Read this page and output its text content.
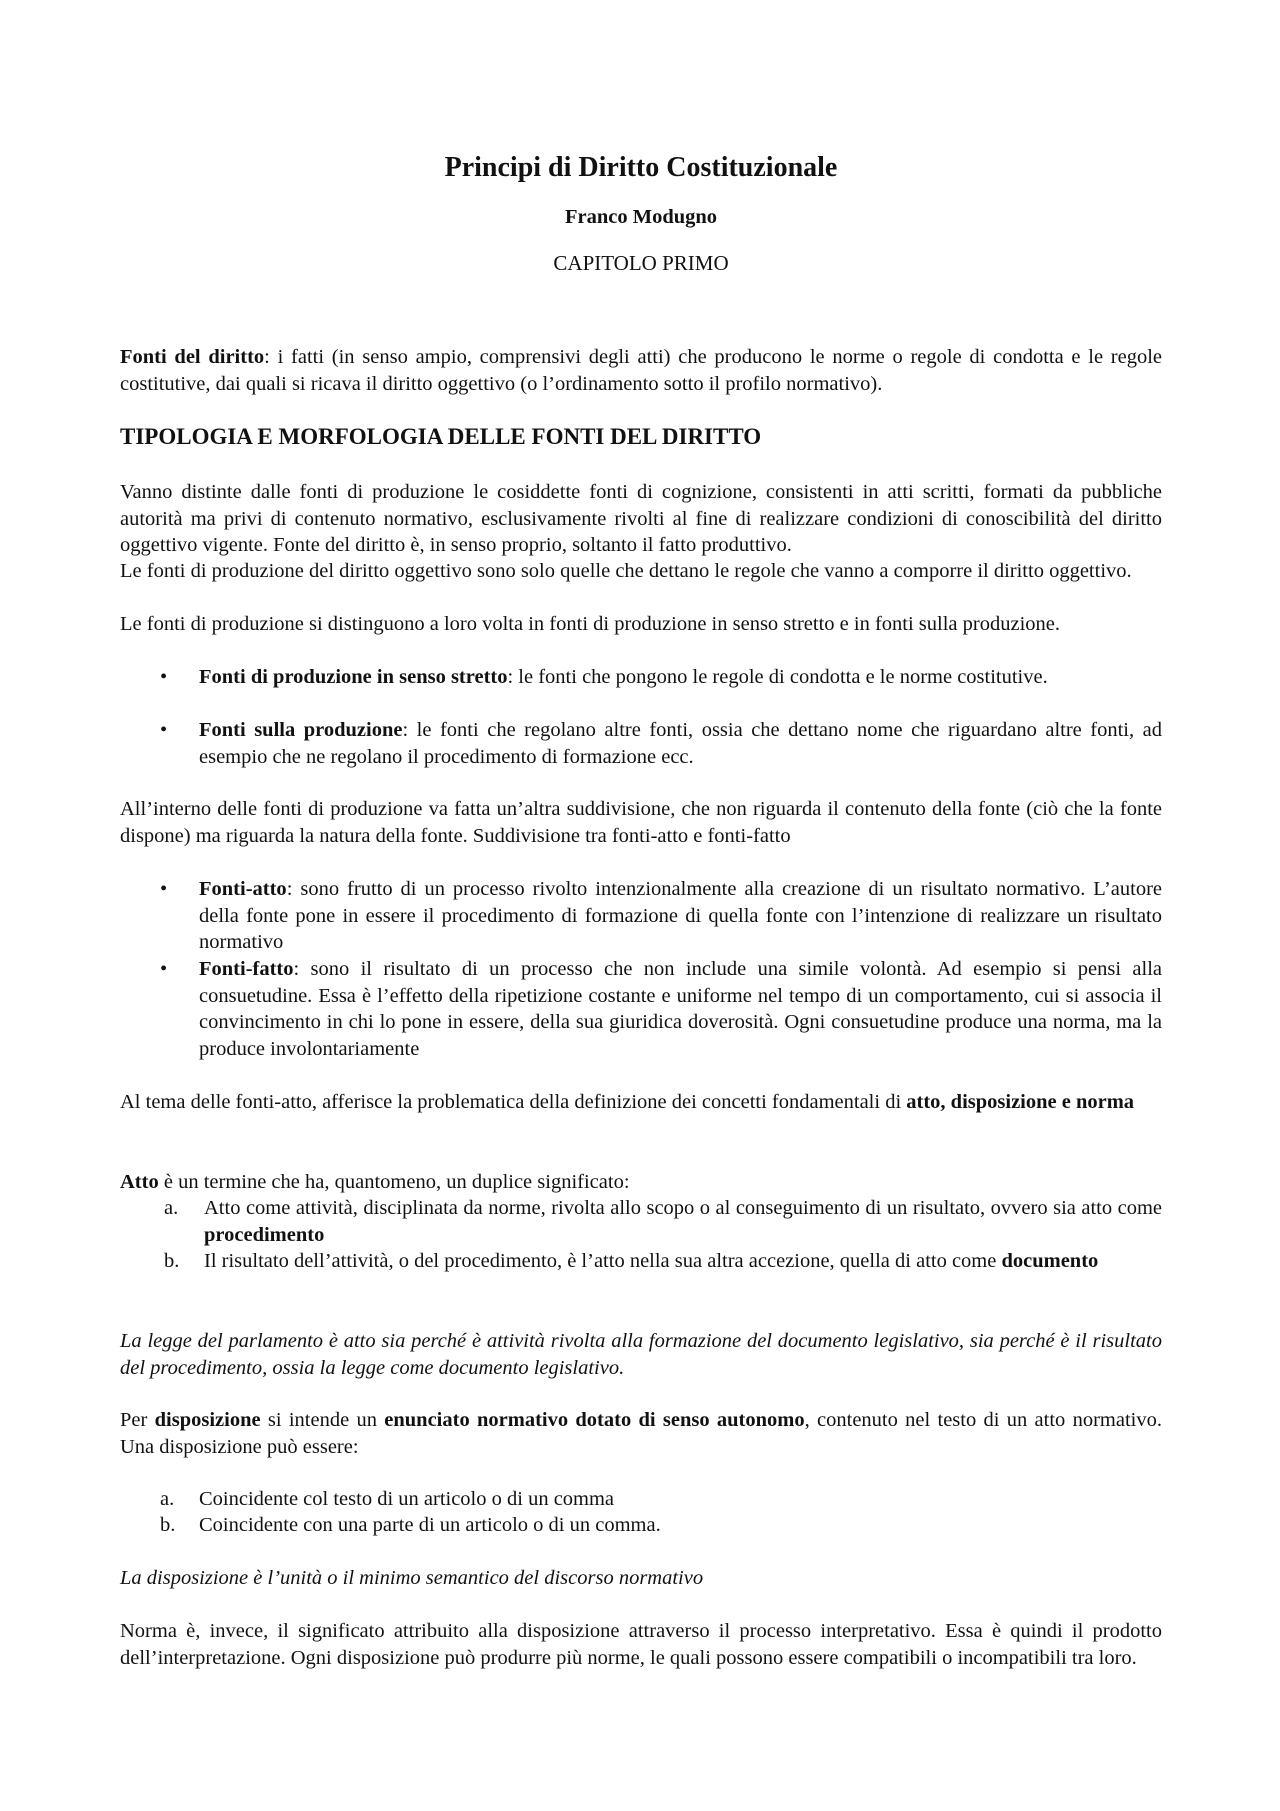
Principi di Diritto Costituzionale
Franco Modugno
CAPITOLO PRIMO
Fonti del diritto: i fatti (in senso ampio, comprensivi degli atti) che producono le norme o regole di condotta e le regole costitutive, dai quali si ricava il diritto oggettivo (o l’ordinamento sotto il profilo normativo).
TIPOLOGIA E MORFOLOGIA DELLE FONTI DEL DIRITTO
Vanno distinte dalle fonti di produzione le cosiddette fonti di cognizione, consistenti in atti scritti, formati da pubbliche autorità ma privi di contenuto normativo, esclusivamente rivolti al fine di realizzare condizioni di conoscibilità del diritto oggettivo vigente. Fonte del diritto è, in senso proprio, soltanto il fatto produttivo.
Le fonti di produzione del diritto oggettivo sono solo quelle che dettano le regole che vanno a comporre il diritto oggettivo.
Le fonti di produzione si distinguono a loro volta in fonti di produzione in senso stretto e in fonti sulla produzione.
• Fonti di produzione in senso stretto: le fonti che pongono le regole di condotta e le norme costitutive.
• Fonti sulla produzione: le fonti che regolano altre fonti, ossia che dettano nome che riguardano altre fonti, ad esempio che ne regolano il procedimento di formazione ecc.
All’interno delle fonti di produzione va fatta un’altra suddivisione, che non riguarda il contenuto della fonte (ciò che la fonte dispone) ma riguarda la natura della fonte. Suddivisione tra fonti-atto e fonti-fatto
• Fonti-atto: sono frutto di un processo rivolto intenzionalmente alla creazione di un risultato normativo. L’autore della fonte pone in essere il procedimento di formazione di quella fonte con l’intenzione di realizzare un risultato normativo
• Fonti-fatto: sono il risultato di un processo che non include una simile volontà. Ad esempio si pensi alla consuetudine. Essa è l’effetto della ripetizione costante e uniforme nel tempo di un comportamento, cui si associa il convincimento in chi lo pone in essere, della sua giuridica doverosità. Ogni consuetudine produce una norma, ma la produce involontariamente
Al tema delle fonti-atto, afferisce la problematica della definizione dei concetti fondamentali di atto, disposizione e norma
Atto è un termine che ha, quantomeno, un duplice significato:
a. Atto come attività, disciplinata da norme, rivolta allo scopo o al conseguimento di un risultato, ovvero sia atto come procedimento
b. Il risultato dell’attività, o del procedimento, è l’atto nella sua altra accezione, quella di atto come documento
La legge del parlamento è atto sia perché è attività rivolta alla formazione del documento legislativo, sia perché è il risultato del procedimento, ossia la legge come documento legislativo.
Per disposizione si intende un enunciato normativo dotato di senso autonomo, contenuto nel testo di un atto normativo. Una disposizione può essere:
a. Coincidente col testo di un articolo o di un comma
b. Coincidente con una parte di un articolo o di un comma.
La disposizione è l’unità o il minimo semantico del discorso normativo
Norma è, invece, il significato attribuito alla disposizione attraverso il processo interpretativo. Essa è quindi il prodotto dell’interpretazione. Ogni disposizione può produrre più norme, le quali possono essere compatibili o incompatibili tra loro.
